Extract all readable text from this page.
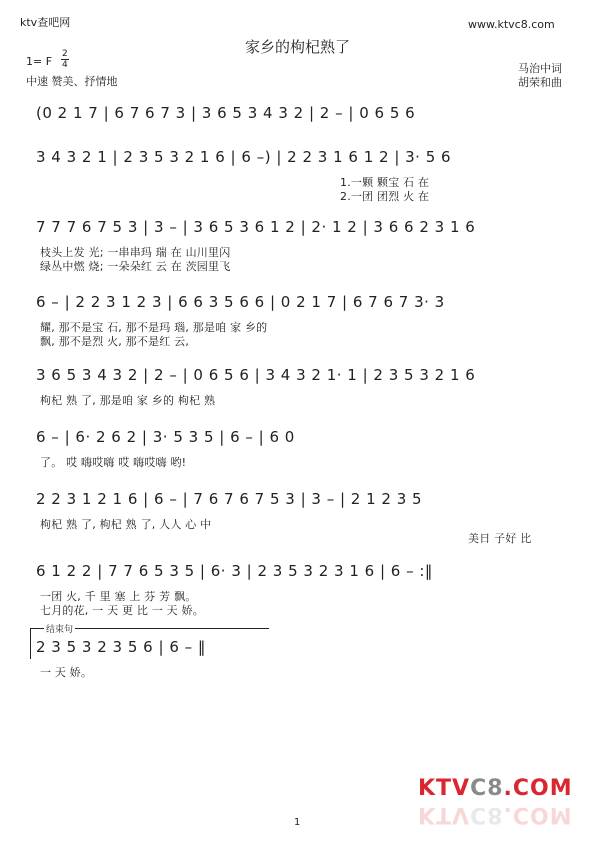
ktv查吧网	www.ktvc8.com
家乡的枸杞熟了
1= F
2
4
中速 赞美、抒情地
马治中词
胡荣和曲
(0 2 1 7 | 6 7 6 7 3 | 3 6 5 3 4 3 2 | 2 – | 0 6 5 6
3 4 3 2 1 | 2 3 5 3 2 1 6 | 6 –) | 2 2 3 1 6 1 2 | 3· 5 6
1.一颗 颗宝 石 在
2.一团 团烈 火 在
7 7 7 6 7 5 3 | 3 – | 3 6 5 3 6 1 2 | 2· 1 2 | 3 6 6 2 3 1 6
枝头上发 光; 一串串玛 瑞 在 山川里闪
绿丛中燃 烧; 一朵朵红 云 在 茨园里飞
6 – | 2 2 3 1 2 3 | 6 6 3 5 6 6 | 0 2 1 7 | 6 7 6 7 3· 3
耀, 那不是宝 石, 那不是玛 瑙, 那是咱 家 乡的
飘, 那不是烈 火, 那不是红 云,
3 6 5 3 4 3 2 | 2 – | 0 6 5 6 | 3 4 3 2 1· 1 | 2 3 5 3 2 1 6
枸杞 熟 了, 那是咱 家 乡的 枸杞 熟
6 – | 6· 2 6 2 | 3· 5 3 5 | 6 – | 6 0
了。 哎 嗨哎嗨 哎 嗨哎嗨 哟!
2 2 3 1 2 1 6 | 6 – | 7 6 7 6 7 5 3 | 3 – | 2 1 2 3 5
枸杞 熟 了, 枸杞 熟 了, 人人 心 中
美日 子好 比
6 1 2 2 | 7 7 6 5 3 5 | 6· 3 | 2 3 5 3 2 3 1 6 | 6 – :‖
一团 火, 千 里 塞 上 芬 芳 飘。
七月的花, 一 天 更 比 一 天 娇。
结束句
2 3 5 3 2 3 5 6 | 6 – ‖
一 天 娇。
KTVC8.COM
KTVC8.COM
1
